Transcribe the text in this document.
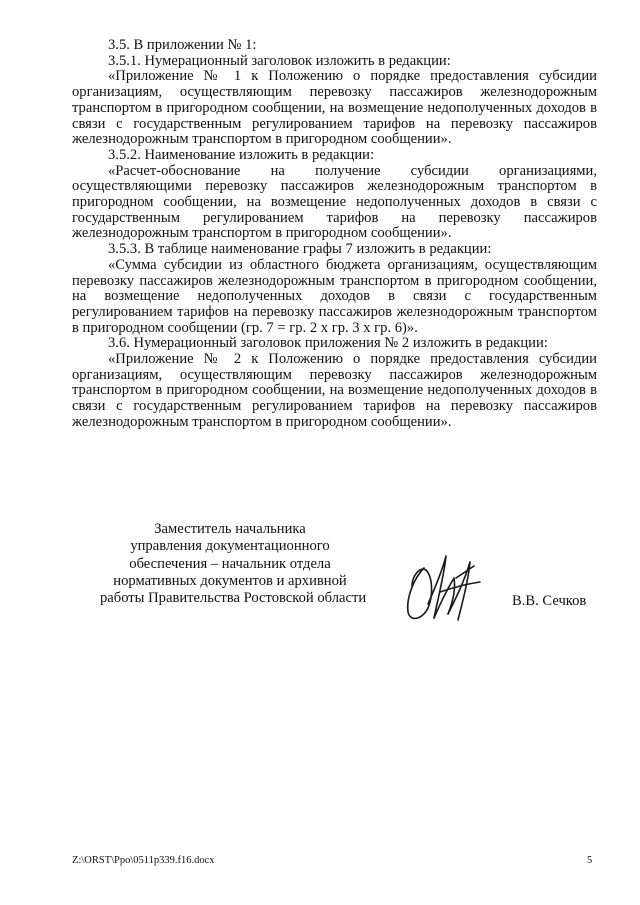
3.5. В приложении № 1:

3.5.1. Нумерационный заголовок изложить в редакции:

«Приложение № 1 к Положению о порядке предоставления субсидии организациям, осуществляющим перевозку пассажиров железнодорожным транспортом в пригородном сообщении, на возмещение недополученных доходов в связи с государственным регулированием тарифов на перевозку пассажиров железнодорожным транспортом в пригородном сообщении».

3.5.2. Наименование изложить в редакции:

«Расчет-обоснование на получение субсидии организациями, осуществляющими перевозку пассажиров железнодорожным транспортом в пригородном сообщении, на возмещение недополученных доходов в связи с государственным регулированием тарифов на перевозку пассажиров железнодорожным транспортом в пригородном сообщении».

3.5.3. В таблице наименование графы 7 изложить в редакции:

«Сумма субсидии из областного бюджета организациям, осуществляющим перевозку пассажиров железнодорожным транспортом в пригородном сообщении, на возмещение недополученных доходов в связи с государственным регулированием тарифов на перевозку пассажиров железнодорожным транспортом в пригородном сообщении (гр. 7 = гр. 2 х гр. 3 х гр. 6)».

3.6. Нумерационный заголовок приложения № 2 изложить в редакции:

«Приложение № 2 к Положению о порядке предоставления субсидии организациям, осуществляющим перевозку пассажиров железнодорожным транспортом в пригородном сообщении, на возмещение недополученных доходов в связи с государственным регулированием тарифов на перевозку пассажиров железнодорожным транспортом в пригородном сообщении».

Заместитель начальника
управления документационного
обеспечения – начальник отдела
нормативных документов и архивной
работы Правительства Ростовской области	В.В. Сечков
Z:\ORST\Ppo\0511p339.f16.docx	5
